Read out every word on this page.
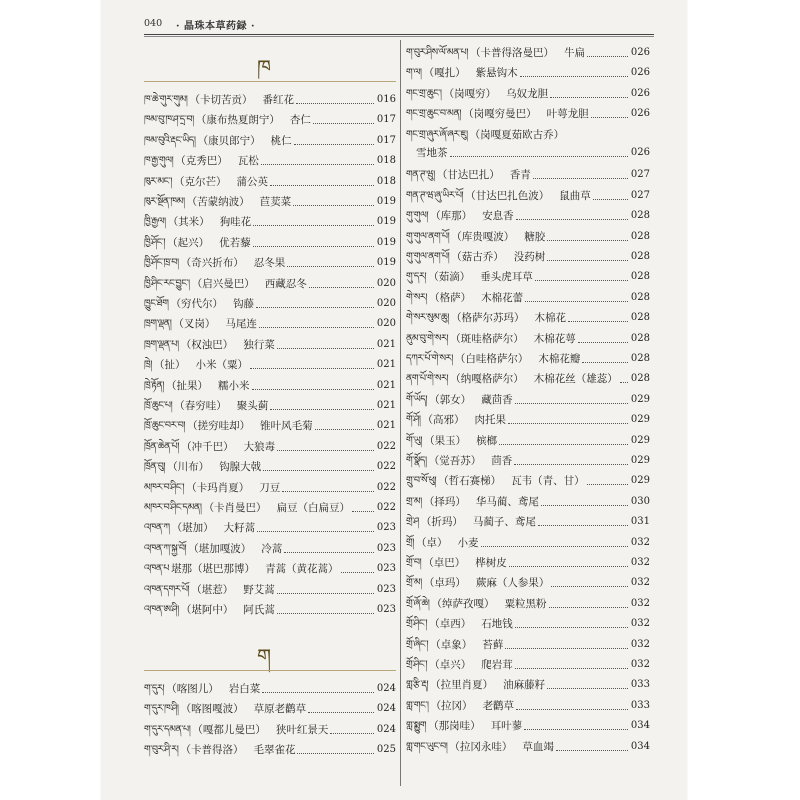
040 · 晶珠本草药録 ·
ཁ
ཁ་ཆེ་གུར་གུམ། （卡切苦贡） 番红花	016
ཁམ་བུ་ཁ་ཤ་དྲ་བ། （康布热夏朗宁） 杏仁	017
ཁམ་བུའི་རྡང་ཡིད། （康贝郎宁） 桃仁	017
ཁ་རྒྱ་གུལ། （克秀巴） 瓦松	018
ཁུར་མང་། （克尔芒） 蒲公英	018
ཁུར་སྔོན་ཁམ། （苦蒙纳波） 苣荬菜	019
ཁྱི་རྒྱལ། （其米） 狗哇花	019
ཁྱི་ཤོང་། （起兴） 优若藜	019
ཁྱི་ཤོང་ཁྲ་བ། （奇兴折布） 忍冬果	019
ཁྱི་ཤིང་རང་བྱུང་། （启兴曼巴） 西藏忍冬	020
ཁྱུང་ཐོག （穷代尔） 钩藤	020
ཁྲག་ལྡན། （叉岗） 马尾连	020
ཁྲག་ལྡན་པ། （权浊巴） 独行菜	021
ཁྲེ། （扯） 小米（粟）	021
ཁྲེ་རྟོན། （扯果） 糯小米	021
ཁྲོ་ཆུང་པ། （春穷哇） 聚头蓟	021
ཁྲོ་ཆུང་བར་བ། （搓穷哇却） 锥叶风毛菊	021
ཁྲོན་ཆེན་པོ། （冲千巴） 大狼毒	022
ཁྲོན་བུ། （川布） 钩腺大戟	022
མཁར་བ་ཤིང་། （卡玛肖夏） 刀豆	022
མཁར་བ་ཤིང་དམན། （卡肖曼巴） 扁豆（白扁豆）	022
འཁན་ཀ （堪加） 大籽蒿	023
འཁན་ཀ་སྐྱ་བོ། （堪加嘎波） 冷蒿	023
འཁན་པ 堪那（堪巴那博） 青蒿（黄花蒿）	023
འཁན་དགར་པོ། （堪惹） 野艾蒿	023
འཁན་ཨ་ཤི། （堪阿中） 阿氏蒿	023
ག་དུར། （喀图儿） 岩白菜	024
ག་དུར་ཁ་ཤི། （喀图嘎波） 草原老鹳草	024
ག་དུར་དམན་པ། （嘎都儿曼巴） 狭叶红景天	024
ག་བུར་ཤི་ར། （卡普得洛） 毛翠雀花	025
ག
ག་བུར་ཤིས་ལོ་མན་པ། （卡普得洛曼巴） 牛扁	026
ག་ལ། （嘎扎） 紫悬钩木	026
གང་གྲ་ཆུང་། （岗嘎穷） 乌奴龙胆	026
གང་གྲ་ཆུང་བ་མན། （岗嘎穷曼巴） 叶萼龙胆	026
གང་གྲ་ཞུར་ཞོ་ཞར་ཇུ། （岗嘎夏茹欧古乔）
雪地茶	026
གན་ཊ་ཝུ། （甘达巴扎） 香青	027
གན་ཊ་ཝ་ཞུ་ཡིར་པོ། （甘达巴扎色波） 鼠曲草	027
གུ་གུལ། （库那） 安息香	028
གུ་གུལ་ནག་པོ། （库贵嘎波） 糖胶	028
གུ་གུལ་ནག་པོ། （菇古乔） 没药树	028
གུ་དར། （茹滴） 垂头虎耳草	028
གེ་སར། （格萨） 木棉花蕾	028
གེ་སར་སུམ་ཆུ། （格萨尔苏玛） 木棉花	028
ནུམ་བུ་གེ་སར། （斑哇格萨尔） 木棉花萼	028
དཀར་པོ་གེ་སར། （白哇格萨尔） 木棉花瓣	028
ནག་པོ་གེ་སར། （纳嘎格萨尔） 木棉花丝（雄蕊） 028
གོ་ཡོད། （郭女） 藏茴香	029
གོ་ཤོ། （高邪） 肉托果	029
གོ་ཡུ། （果玉） 槟榔	029
གོ་སྣོད། （觉吾苏） 茴香	029
གྲུ་བ་སོ་ཕུ། （哲石赛梯） 瓦韦（青、甘）	029
གྲ་མ། （择玛） 华马蔺、鸢尾	030
གྲེ་ཤ （折玛） 马蔺子、鸢尾	031
གྲོ། （卓） 小麦	032
གྲོ་བ། （卓巴） 桦树皮	032
གྲོ་མ། （卓玛） 蕨麻（人参果）	032
གྲོ་ཞོ་ཆེ། （绰萨孜嘎） 粟粒黑粉	032
གྲོ་ཤིང་། （卓西） 石地钱	032
གྲོ་ཞིང་། （卓象） 苔藓	032
གྲོ་ཤིང་། （卓兴） 爬岩茸	032
གླ་རྩི་རྡ། （拉里肖夏） 油麻藤籽	033
གླ་གང་། （拉冈） 老鹳草	033
གླ་སྨྱུག （那岗哇） 耳叶蓼	034
གླ་གང་ཡུང་བ། （拉冈永哇） 草血竭	034
